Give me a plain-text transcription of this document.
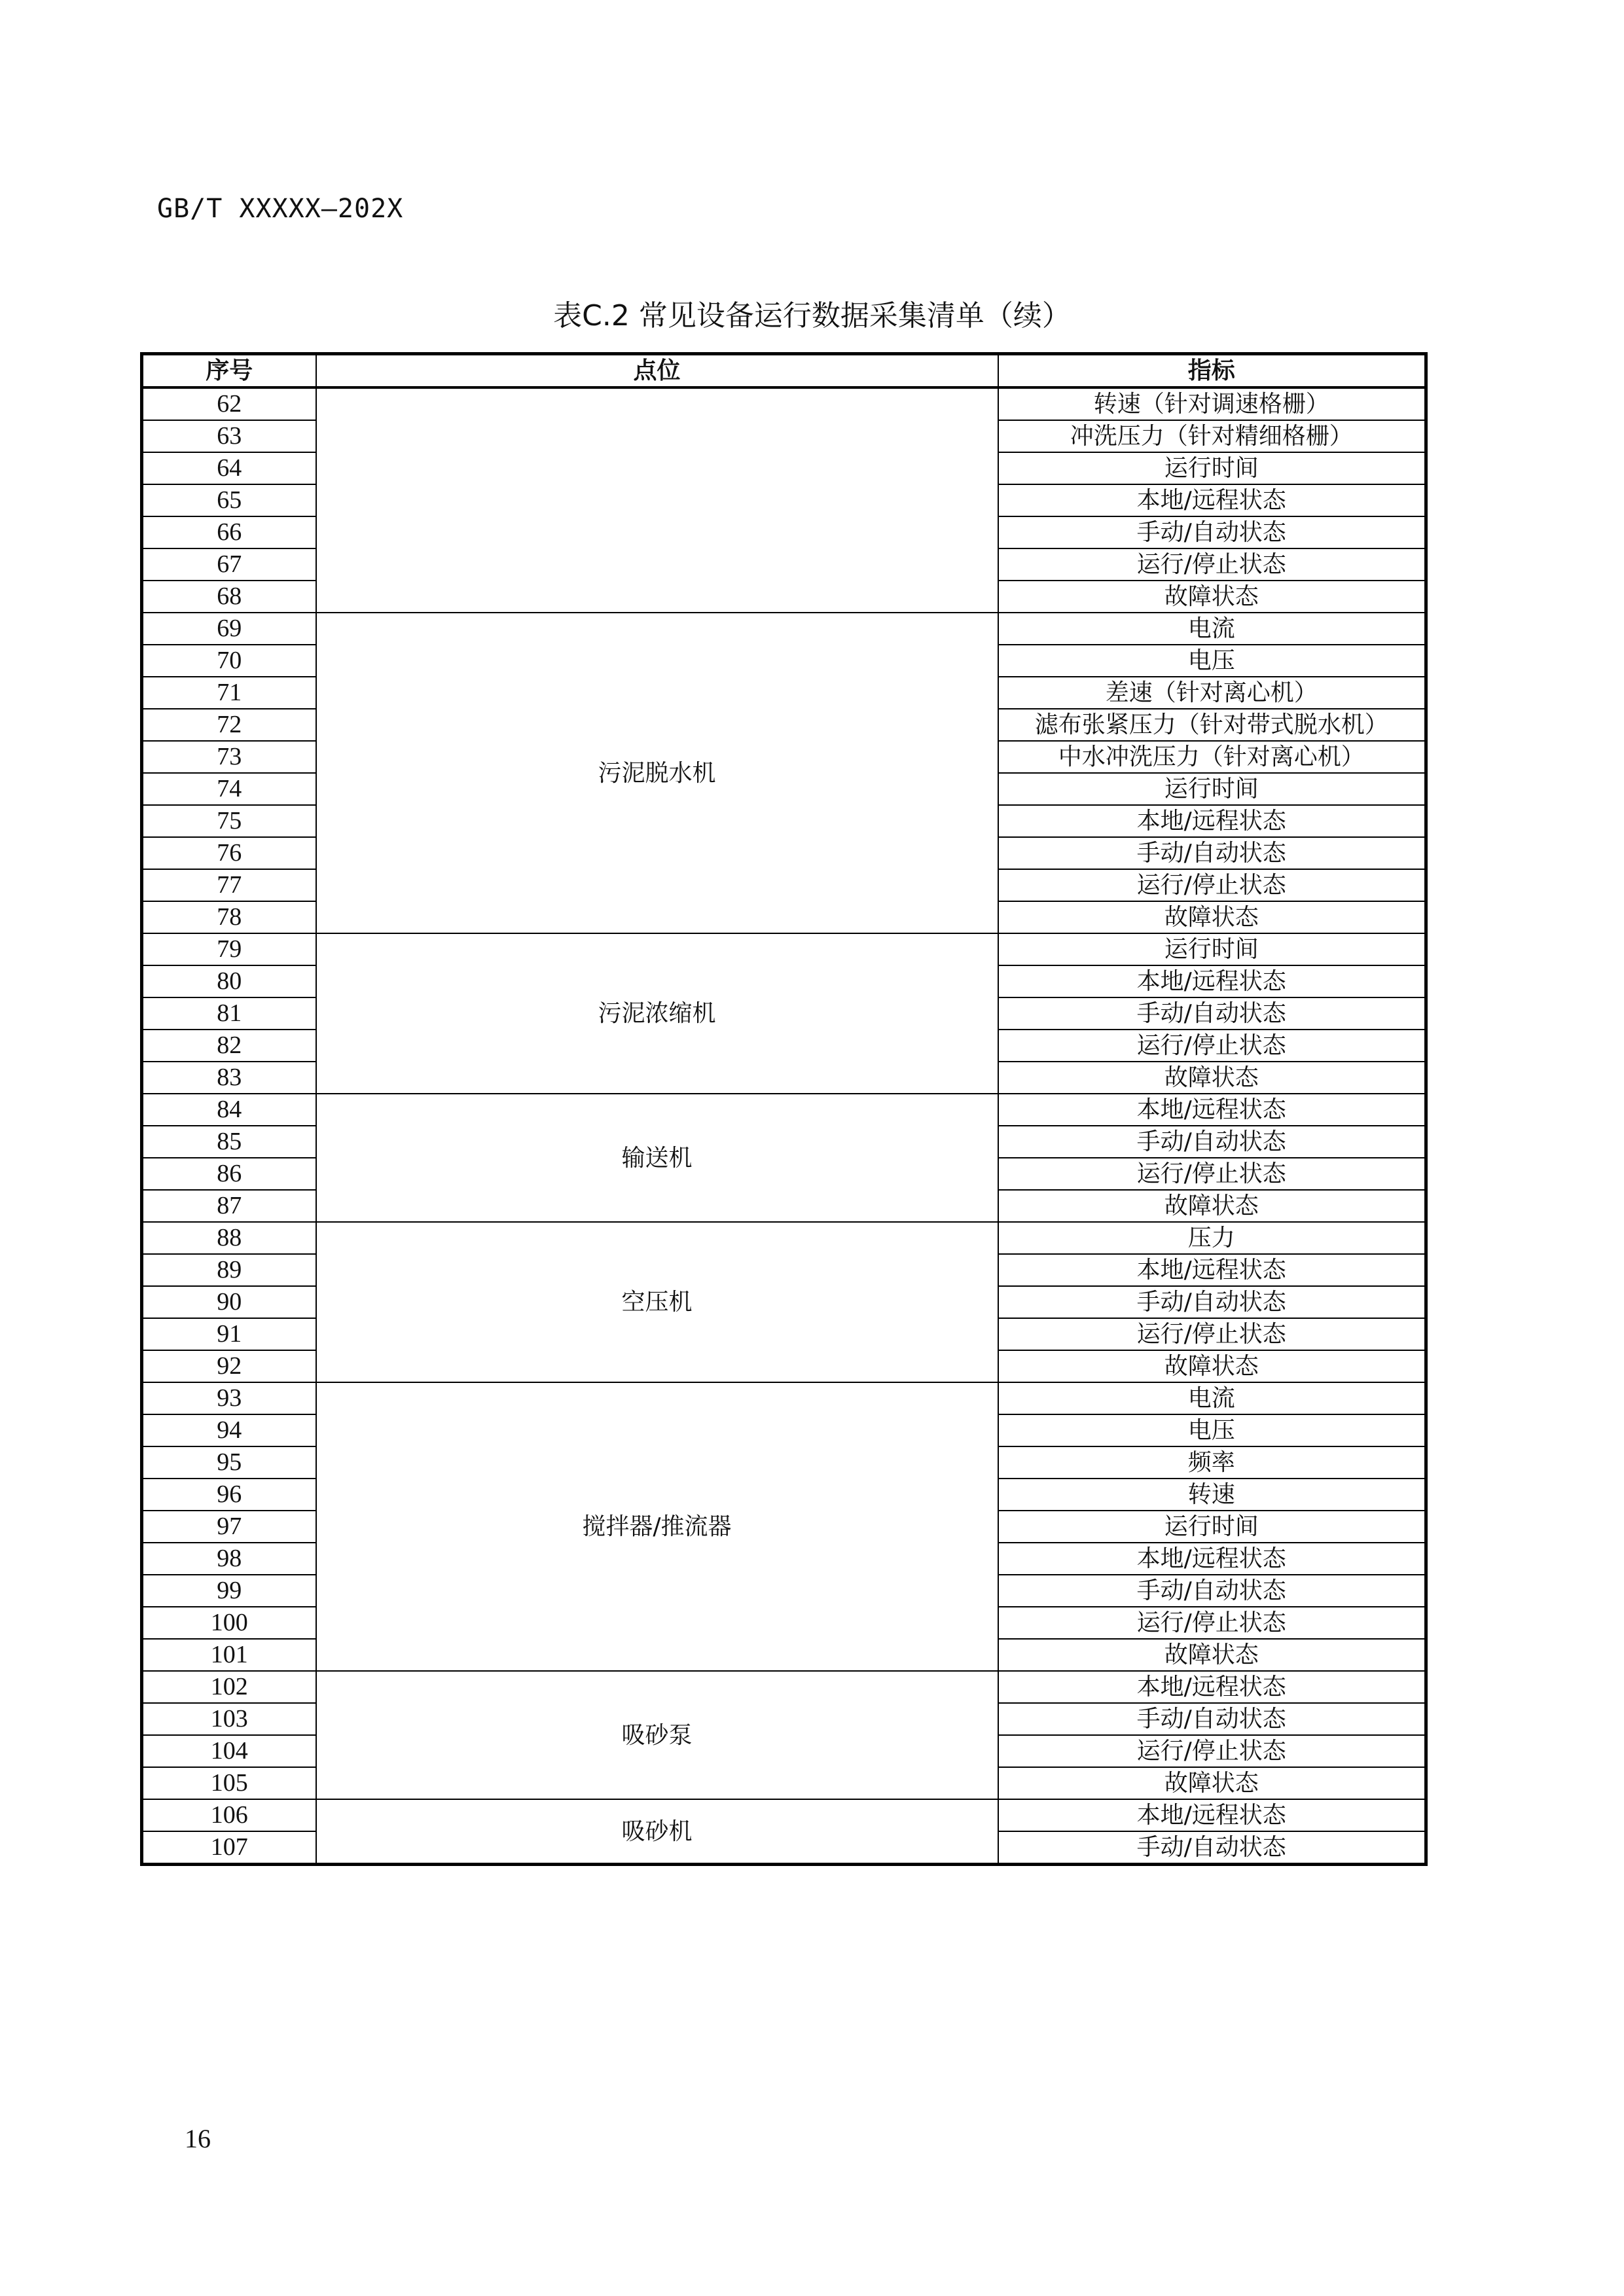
GB/T XXXXX—202X
表C.2 常见设备运行数据采集清单（续）
序号	点位	指标
62		转速（针对调速格栅）
63		冲洗压力（针对精细格栅）
64		运行时间
65		本地/远程状态
66		手动/自动状态
67		运行/停止状态
68		故障状态
69	污泥脱水机	电流
70		电压
71		差速（针对离心机）
72		滤布张紧压力（针对带式脱水机）
73		中水冲洗压力（针对离心机）
74		运行时间
75		本地/远程状态
76		手动/自动状态
77		运行/停止状态
78		故障状态
79	污泥浓缩机	运行时间
80		本地/远程状态
81		手动/自动状态
82		运行/停止状态
83		故障状态
84	输送机	本地/远程状态
85		手动/自动状态
86		运行/停止状态
87		故障状态
88	空压机	压力
89		本地/远程状态
90		手动/自动状态
91		运行/停止状态
92		故障状态
93	搅拌器/推流器	电流
94		电压
95		频率
96		转速
97		运行时间
98		本地/远程状态
99		手动/自动状态
100		运行/停止状态
101		故障状态
102	吸砂泵	本地/远程状态
103		手动/自动状态
104		运行/停止状态
105		故障状态
106	吸砂机	本地/远程状态
107		手动/自动状态
16
